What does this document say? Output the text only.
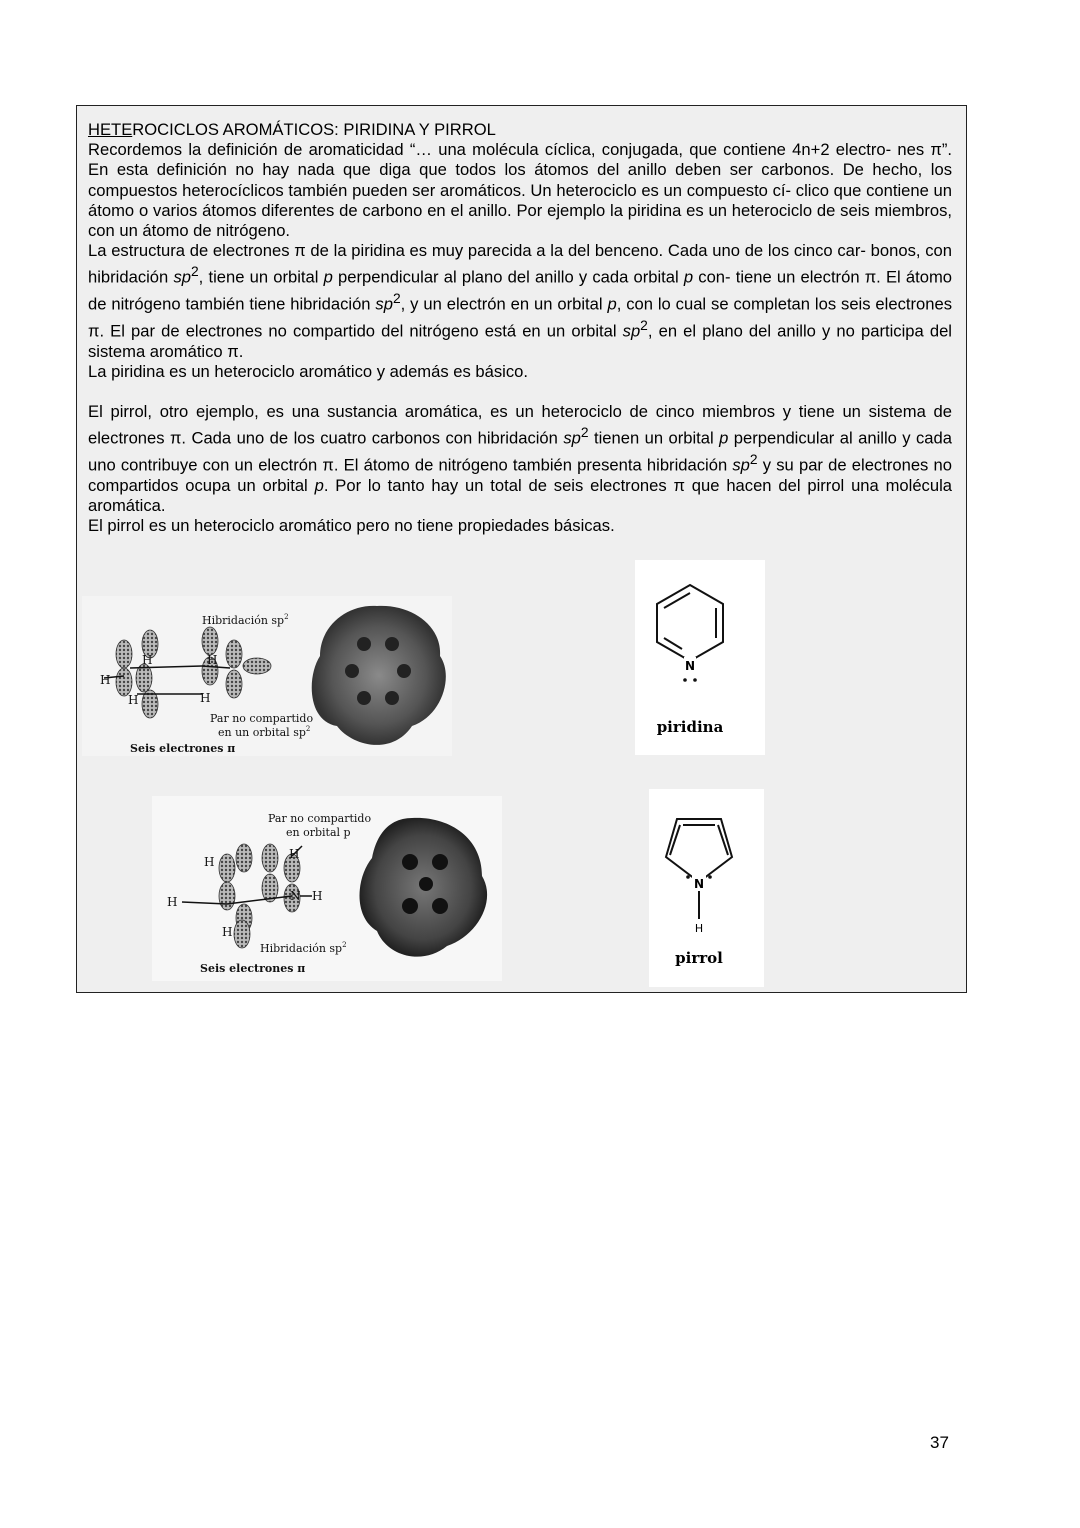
HETEROCICLOS AROMÁTICOS: PIRIDINA Y PIRROL

Recordemos la definición de aromaticidad “… una molécula cíclica, conjugada, que contiene 4n+2 electro- nes π”. En esta definición no hay nada que diga que todos los átomos del anillo deben ser carbonos. De hecho, los compuestos heterocíclicos también pueden ser aromáticos. Un heterociclo es un compuesto cí- clico que contiene un átomo o varios átomos diferentes de carbono en el anillo. Por ejemplo la piridina es un heterociclo de seis miembros, con un átomo de nitrógeno.

La estructura de electrones π de la piridina es muy parecida a la del benceno. Cada uno de los cinco car- bonos, con hibridación $sp^2$, tiene un orbital p perpendicular al plano del anillo y cada orbital p con- tiene un electrón π. El átomo de nitrógeno también tiene hibridación $sp^2$, y un electrón en un orbital p, con lo cual se completan los seis electrones π. El par de electrones no compartido del nitrógeno está en un orbital $sp^2$, en el plano del anillo y no participa del sistema aromático π.

La piridina es un heterociclo aromático y además es básico.

El pirrol, otro ejemplo, es una sustancia aromática, es un heterociclo de cinco miembros y tiene un sistema de electrones π. Cada uno de los cuatro carbonos con hibridación $sp^2$ tienen un orbital p perpendicular al anillo y cada uno contribuye con un electrón π. El átomo de nitrógeno también presenta hibridación $sp^2$ y su par de electrones no compartidos ocupa un orbital p. Por lo tanto hay un total de seis electrones π que hacen del pirrol una molécula aromática.

El pirrol es un heterociclo aromático pero no tiene propiedades básicas.

H
H	H
H	H
Hibridación $sp^2$
Par no compartido
en un orbital $sp^2$
Seis electrones π
N
piridina
H
H
H
H
N H
Par no compartido
en orbital p
Hibridación $sp^2$
Seis electrones π
N
H
pirrol
37
